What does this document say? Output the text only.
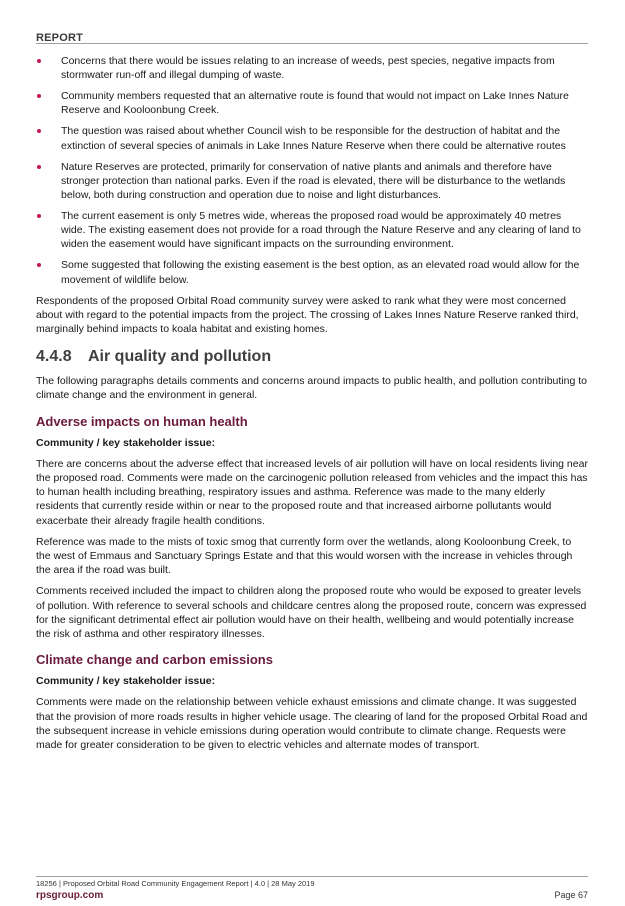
REPORT
Concerns that there would be issues relating to an increase of weeds, pest species, negative impacts from stormwater run-off and illegal dumping of waste.
Community members requested that an alternative route is found that would not impact on Lake Innes Nature Reserve and Kooloonbung Creek.
The question was raised about whether Council wish to be responsible for the destruction of habitat and the extinction of several species of animals in Lake Innes Nature Reserve when there could be alternative routes
Nature Reserves are protected, primarily for conservation of native plants and animals and therefore have stronger protection than national parks. Even if the road is elevated, there will be disturbance to the wetlands below, both during construction and operation due to noise and light disturbances.
The current easement is only 5 metres wide, whereas the proposed road would be approximately 40 metres wide. The existing easement does not provide for a road through the Nature Reserve and any clearing of land to widen the easement would have significant impacts on the surrounding environment.
Some suggested that following the existing easement is the best option, as an elevated road would allow for the movement of wildlife below.

Respondents of the proposed Orbital Road community survey were asked to rank what they were most concerned about with regard to the potential impacts from the project. The crossing of Lakes Innes Nature Reserve ranked third, marginally behind impacts to koala habitat and existing homes.

4.4.8 Air quality and pollution

The following paragraphs details comments and concerns around impacts to public health, and pollution contributing to climate change and the environment in general.

Adverse impacts on human health

Community / key stakeholder issue:

There are concerns about the adverse effect that increased levels of air pollution will have on local residents living near the proposed road. Comments were made on the carcinogenic pollution released from vehicles and the impact this has to human health including breathing, respiratory issues and asthma. Reference was made to the many elderly residents that currently reside within or near to the proposed route and that increased airborne pollutants would exacerbate their already fragile health conditions.

Reference was made to the mists of toxic smog that currently form over the wetlands, along Kooloonbung Creek, to the west of Emmaus and Sanctuary Springs Estate and that this would worsen with the increase in vehicles through the area if the road was built.

Comments received included the impact to children along the proposed route who would be exposed to greater levels of pollution. With reference to several schools and childcare centres along the proposed route, concern was expressed for the significant detrimental effect air pollution would have on their health, wellbeing and would potentially increase the risk of asthma and other respiratory illnesses.

Climate change and carbon emissions

Community / key stakeholder issue:

Comments were made on the relationship between vehicle exhaust emissions and climate change. It was suggested that the provision of more roads results in higher vehicle usage. The clearing of land for the proposed Orbital Road and the subsequent increase in vehicle emissions during operation would contribute to climate change. Requests were made for greater consideration to be given to electric vehicles and alternate modes of transport.

18256 | Proposed Orbital Road Community Engagement Report | 4.0 | 28 May 2019
rpsgroup.com	Page 67
